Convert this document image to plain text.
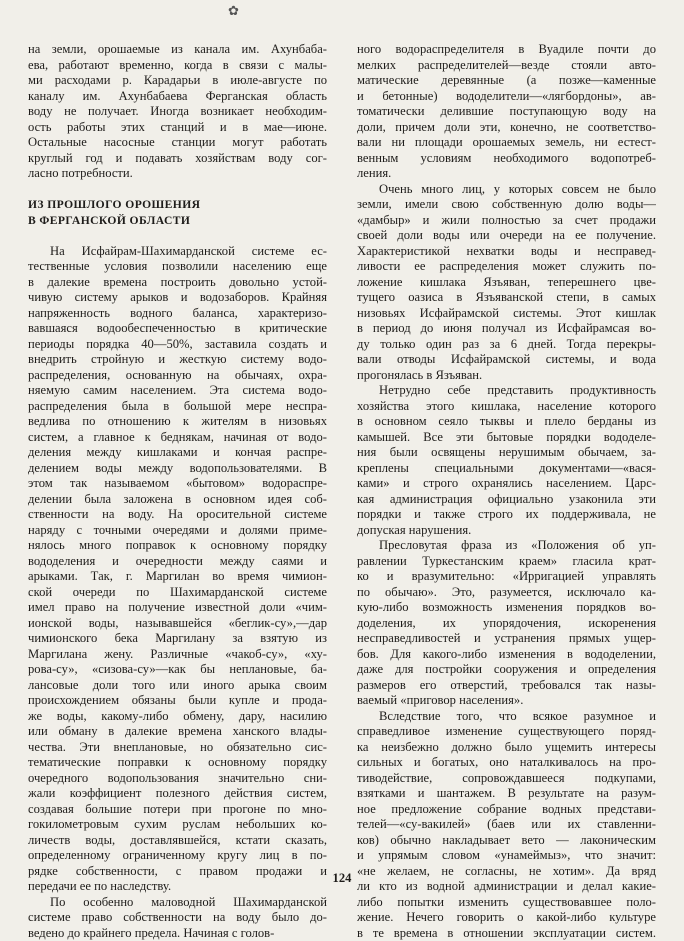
✿
на земли, орошаемые из канала им. Ахунбаба-
ева, работают временно, когда в связи с малы-
ми расходами р. Карадарьи в июле-августе по
каналу им. Ахунбабаева Ферганская область
воду не получает. Иногда возникает необходим-
ость работы этих станций и в мае—июне.
Остальные насосные станции могут работать
круглый год и подавать хозяйствам воду сог-
ласно потребности.
ИЗ ПРОШЛОГО ОРОШЕНИЯ
В ФЕРГАНСКОЙ ОБЛАСТИ
На Исфайрам-Шахимарданской системе ес-
тественные условия позволили населению еще
в далекие времена построить довольно устой-
чивую систему арыков и водозаборов. Крайняя
напряженность водного баланса, характеризо-
вавшаяся водообеспеченностью в критические
периоды порядка 40—50%, заставила создать и
внедрить стройную и жесткую систему водо-
распределения, основанную на обычаях, охра-
няемую самим населением. Эта система водо-
распределения была в большой мере неспра-
ведлива по отношению к жителям в низовьях
систем, а главное к беднякам, начиная от водо-
деления между кишлаками и кончая распре-
делением воды между водопользователями. В
этом так называемом «бытовом» водораспре-
делении была заложена в основном идея соб-
ственности на воду. На оросительной системе
наряду с точными очередями и долями приме-
нялось много поправок к основному порядку
вододеления и очередности между саями и
арыками. Так, г. Маргилан во время чимион-
ской очереди по Шахимарданской системе
имел право на получение известной доли «чим-
ионской воды, называвшейся «беглик-су»,—дар
чимионского бека Маргилану за взятую из
Маргилана жену. Различные «чакоб-су», «ху-
рова-су», «сизова-су»—как бы неплановые, ба-
лансовые доли того или иного арыка своим
происхождением обязаны были купле и прода-
же воды, какому-либо обмену, дару, насилию
или обману в далекие времена ханского влады-
чества. Эти внеплановые, но обязательно сис-
тематические поправки к основному порядку
очередного водопользования значительно сни-
жали коэффициент полезного действия систем,
создавая большие потери при прогоне по мно-
гокилометровым сухим руслам небольших ко-
личеств воды, доставлявшейся, кстати сказать,
определенному ограниченному кругу лиц в по-
рядке собственности, с правом продажи и
передачи ее по наследству.
По особенно маловодной Шахимарданской
системе право собственности на воду было до-
ведено до крайнего предела. Начиная с голов-
ного водораспределителя в Вуадиле почти до
мелких распределителей—везде стояли авто-
матические деревянные (а позже—каменные
и бетонные) вододелители—«лягбордоны», ав-
томатически делившие поступающую воду на
доли, причем доли эти, конечно, не соответство-
вали ни площади орошаемых земель, ни естест-
венным условиям необходимого водопотреб-
ления.
Очень много лиц, у которых совсем не было
земли, имели свою собственную долю воды—
«дамбыр» и жили полностью за счет продажи
своей доли воды или очереди на ее получение.
Характеристикой нехватки воды и несправед-
ливости ее распределения может служить по-
ложение кишлака Язъяван, теперешнего цве-
тущего оазиса в Язъяванской степи, в самых
низовьях Исфайрамской системы. Этот кишлак
в период до июня получал из Исфайрамсая во-
ду только один раз за 6 дней. Тогда перекры-
вали отводы Исфайрамской системы, и вода
прогонялась в Язъяван.
Нетрудно себе представить продуктивность
хозяйства этого кишлака, население которого
в основном сеяло тыквы и плело берданы из
камышей. Все эти бытовые порядки вододеле-
ния были освящены нерушимым обычаем, за-
креплены специальными документами—«вася-
ками» и строго охранялись населением. Царс-
кая администрация официально узаконила эти
порядки и также строго их поддерживала, не
допуская нарушения.
Пресловутая фраза из «Положения об уп-
равлении Туркестанским краем» гласила крат-
ко и вразумительно: «Ирригацией управлять
по обычаю». Это, разумеется, исключало ка-
кую-либо возможность изменения порядков во-
доделения, их упорядочения, искоренения
несправедливостей и устранения прямых ущер-
бов. Для какого-либо изменения в вододелении,
даже для постройки сооружения и определения
размеров его отверстий, требовался так назы-
ваемый «приговор населения».
Вследствие того, что всякое разумное и
справедливое изменение существующего поряд-
ка неизбежно должно было ущемить интересы
сильных и богатых, оно наталкивалось на про-
тиводействие, сопровождавшееся подкупами,
взятками и шантажем. В результате на разум-
ное предложение собрание водных представи-
телей—«су-вакилей» (баев или их ставленни-
ков) обычно накладывает вето — лаконическим
и упрямым словом «унамеймыз», что значит:
«не желаем, не согласны, не хотим». Да вряд
ли кто из водной администрации и делал какие-
либо попытки изменить существовавшее поло-
жение. Нечего говорить о какой-либо культуре
в те времена в отношении эксплуатации систем.
124
